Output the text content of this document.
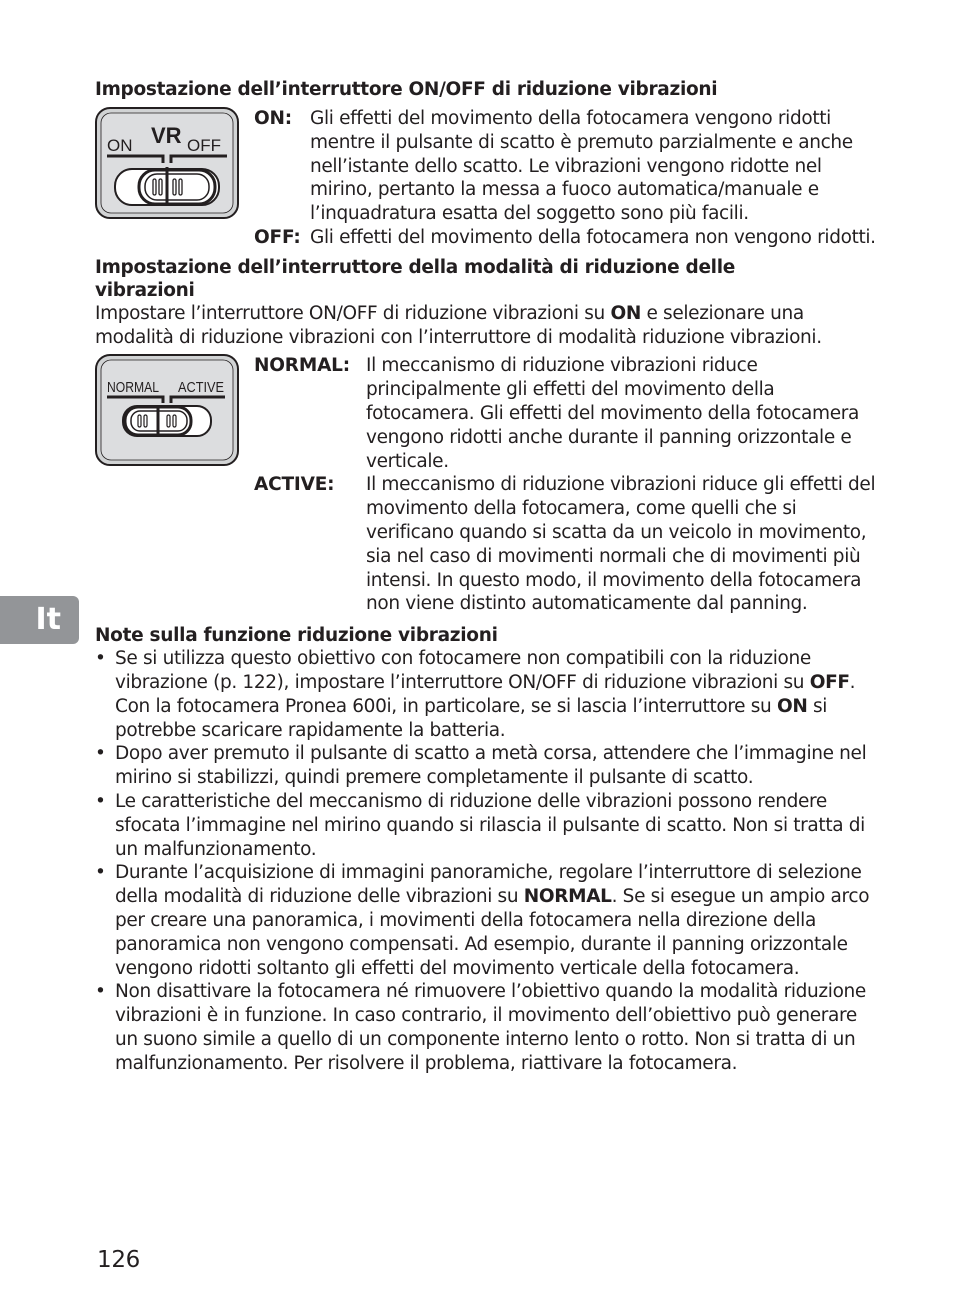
It
Impostazione dell’interruttore ON/OFF di riduzione vibrazioni
VR
ON	OFF
ON: Gli effetti del movimento della fotocamera vengono ridotti mentre il pulsante di scatto è premuto parzialmente e anche nell’istante dello scatto. Le vibrazioni vengono ridotte nel mirino, pertanto la messa a fuoco automatica/manuale e l’inquadratura esatta del soggetto sono più facili.
OFF: Gli effetti del movimento della fotocamera non vengono ridotti.
Impostazione dell’interruttore della modalità di riduzione delle vibrazioni

Impostare l’interruttore ON/OFF di riduzione vibrazioni su ON e selezionare una modalità di riduzione vibrazioni con l’interruttore di modalità riduzione vibrazioni.

NORMAL ACTIVE
NORMAL: Il meccanismo di riduzione vibrazioni riduce principalmente gli effetti del movimento della fotocamera. Gli effetti del movimento della fotocamera vengono ridotti anche durante il panning orizzontale e verticale.
ACTIVE:	Il meccanismo di riduzione vibrazioni riduce gli effetti del movimento della fotocamera, come quelli che si verificano quando si scatta da un veicolo in movimento, sia nel caso di movimenti normali che di movimenti più intensi. In questo modo, il movimento della fotocamera non viene distinto automaticamente dal panning.
Note sulla funzione riduzione vibrazioni
• Se si utilizza questo obiettivo con fotocamere non compatibili con la riduzione vibrazione (p. 122), impostare l’interruttore ON/OFF di riduzione vibrazioni su OFF. Con la fotocamera Pronea 600i, in particolare, se si lascia l’interruttore su ON si potrebbe scaricare rapidamente la batteria.
• Dopo aver premuto il pulsante di scatto a metà corsa, attendere che l’immagine nel mirino si stabilizzi, quindi premere completamente il pulsante di scatto.
• Le caratteristiche del meccanismo di riduzione delle vibrazioni possono rendere sfocata l’immagine nel mirino quando si rilascia il pulsante di scatto. Non si tratta di un malfunzionamento.
• Durante l’acquisizione di immagini panoramiche, regolare l’interruttore di selezione della modalità di riduzione delle vibrazioni su NORMAL. Se si esegue un ampio arco per creare una panoramica, i movimenti della fotocamera nella direzione della panoramica non vengono compensati. Ad esempio, durante il panning orizzontale vengono ridotti soltanto gli effetti del movimento verticale della fotocamera.
• Non disattivare la fotocamera né rimuovere l’obiettivo quando la modalità riduzione vibrazioni è in funzione. In caso contrario, il movimento dell’obiettivo può generare un suono simile a quello di un componente interno lento o rotto. Non si tratta di un malfunzionamento. Per risolvere il problema, riattivare la fotocamera.
126
